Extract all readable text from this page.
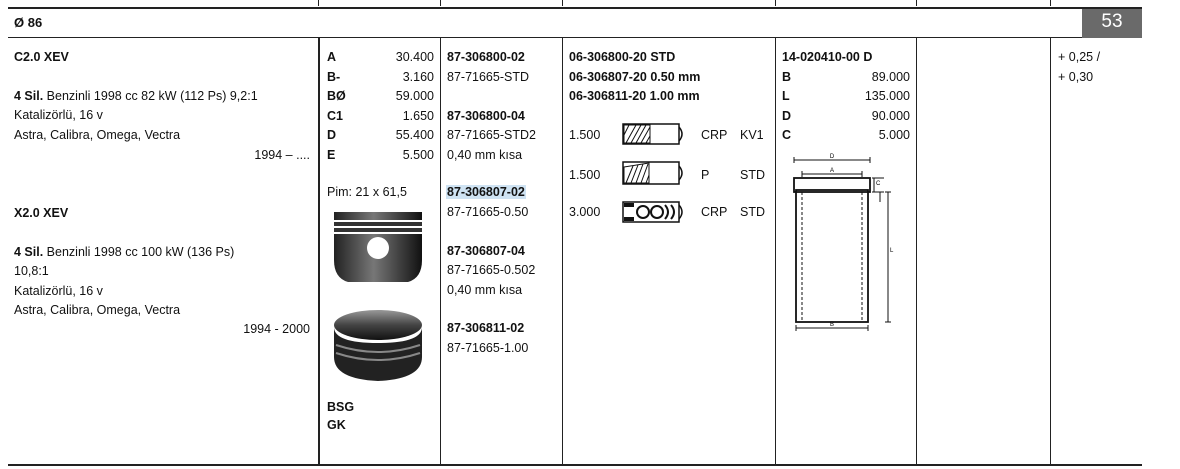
Ø 86	53
C2.0 XEV
4 Sil. Benzinli 1998 cc 82 kW (112 Ps) 9,2:1
Katalizörlü, 16 v
Astra, Calibra, Omega, Vectra
1994 – ....
X2.0 XEV
4 Sil. Benzinli 1998 cc 100 kW (136 Ps)
10,8:1
Katalizörlü, 16 v
Astra, Calibra, Omega, Vectra
1994 - 2000
A	30.400
B-	3.160
BØ	59.000
C1	1.650
D	55.400
E	5.500
Pim: 21 x 61,5
BSG
GK
87-306800-02
87-71665-STD
87-306800-04
87-71665-STD2
0,40 mm kısa
87-306807-02
87-71665-0.50
87-306807-04
87-71665-0.502
0,40 mm kısa
87-306811-02
87-71665-1.00
06-306800-20 STD
06-306807-20 0.50 mm
06-306811-20 1.00 mm
1.500	CRP KV1
1.500	P STD
3.000	CRP STD
14-020410-00 D
B	89.000
L	135.000
D	90.000
C	5.000
D
A
B
L
C
+ 0,25 /
+ 0,30
